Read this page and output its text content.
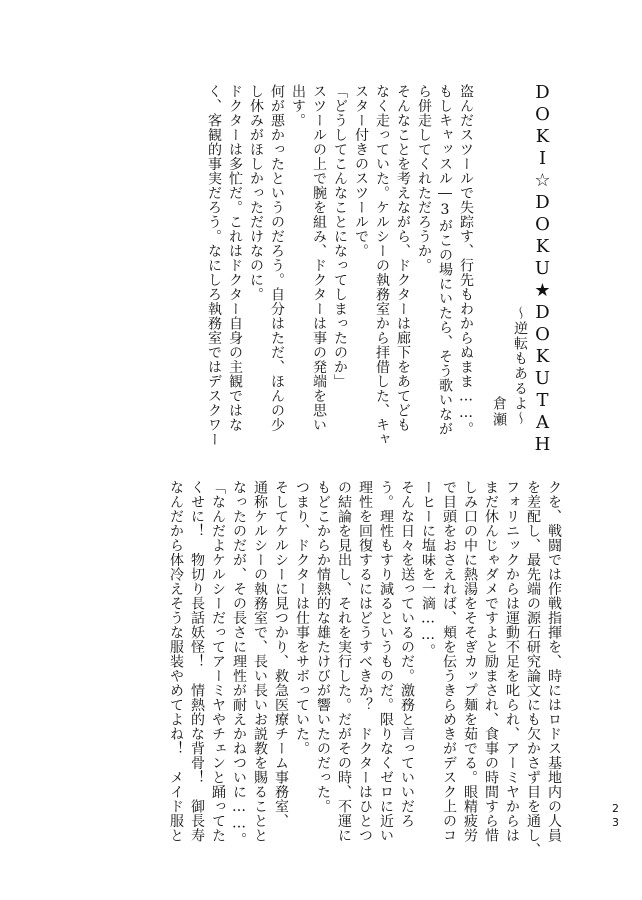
DOKI☆DOKU★DOKUTAH
～逆転もあるよ～
倉瀬
盗んだスツールで失踪す、行先もわからぬまま……。
もしキャッスル―3がこの場にいたら、そう歌いなが
ら併走してくれただろうか。
そんなことを考えながら、ドクターは廊下をあてども
なく走っていた。ケルシーの執務室から拝借した、キャ
スター付きのスツールで。
「どうしてこんなことになってしまったのか」
スツールの上で腕を組み、ドクターは事の発端を思い
出す。
何が悪かったというのだろう。自分はただ、ほんの少
し休みがほしかっただけなのに。
ドクターは多忙だ。これはドクター自身の主観ではな
く、客観的事実だろう。なにしろ執務室ではデスクワー
クを、戦闘では作戦指揮を、時にはロドス基地内の人員
を差配し、最先端の源石研究論文にも欠かさず目を通し、
フォリニックからは運動不足を叱られ、アーミヤからは
まだ休んじゃダメですよと励まされ、食事の時間すら惜
しみ口の中に熱湯をそそぎカップ麺を茹でる。眼精疲労
で目頭をおさえれば、頬を伝うきらめきがデスク上のコ
ーヒーに塩味を一滴……。
そんな日々を送っているのだ。激務と言っていいだろ
う。理性もすり減るというものだ。限りなくゼロに近い
理性を回復するにはどうすべきか？　ドクターはひとつ
の結論を見出し、それを実行した。だがその時、不運に
もどこからか情熱的な雄たけびが響いたのだった。
つまり、ドクターは仕事をサボっていた。
そしてケルシーに見つかり、救急医療チーム事務室、
通称ケルシーの執務室で、長い長いお説教を賜ることと
なったのだが、その長さに理性が耐えかねついに……。
「なんだよケルシーだってアーミヤやチェンと踊ってた
くせに！　物切り長話妖怪！　情熱的な背骨！　御長寿
なんだから体冷えそうな服装やめてよね！　メイド服と	23
